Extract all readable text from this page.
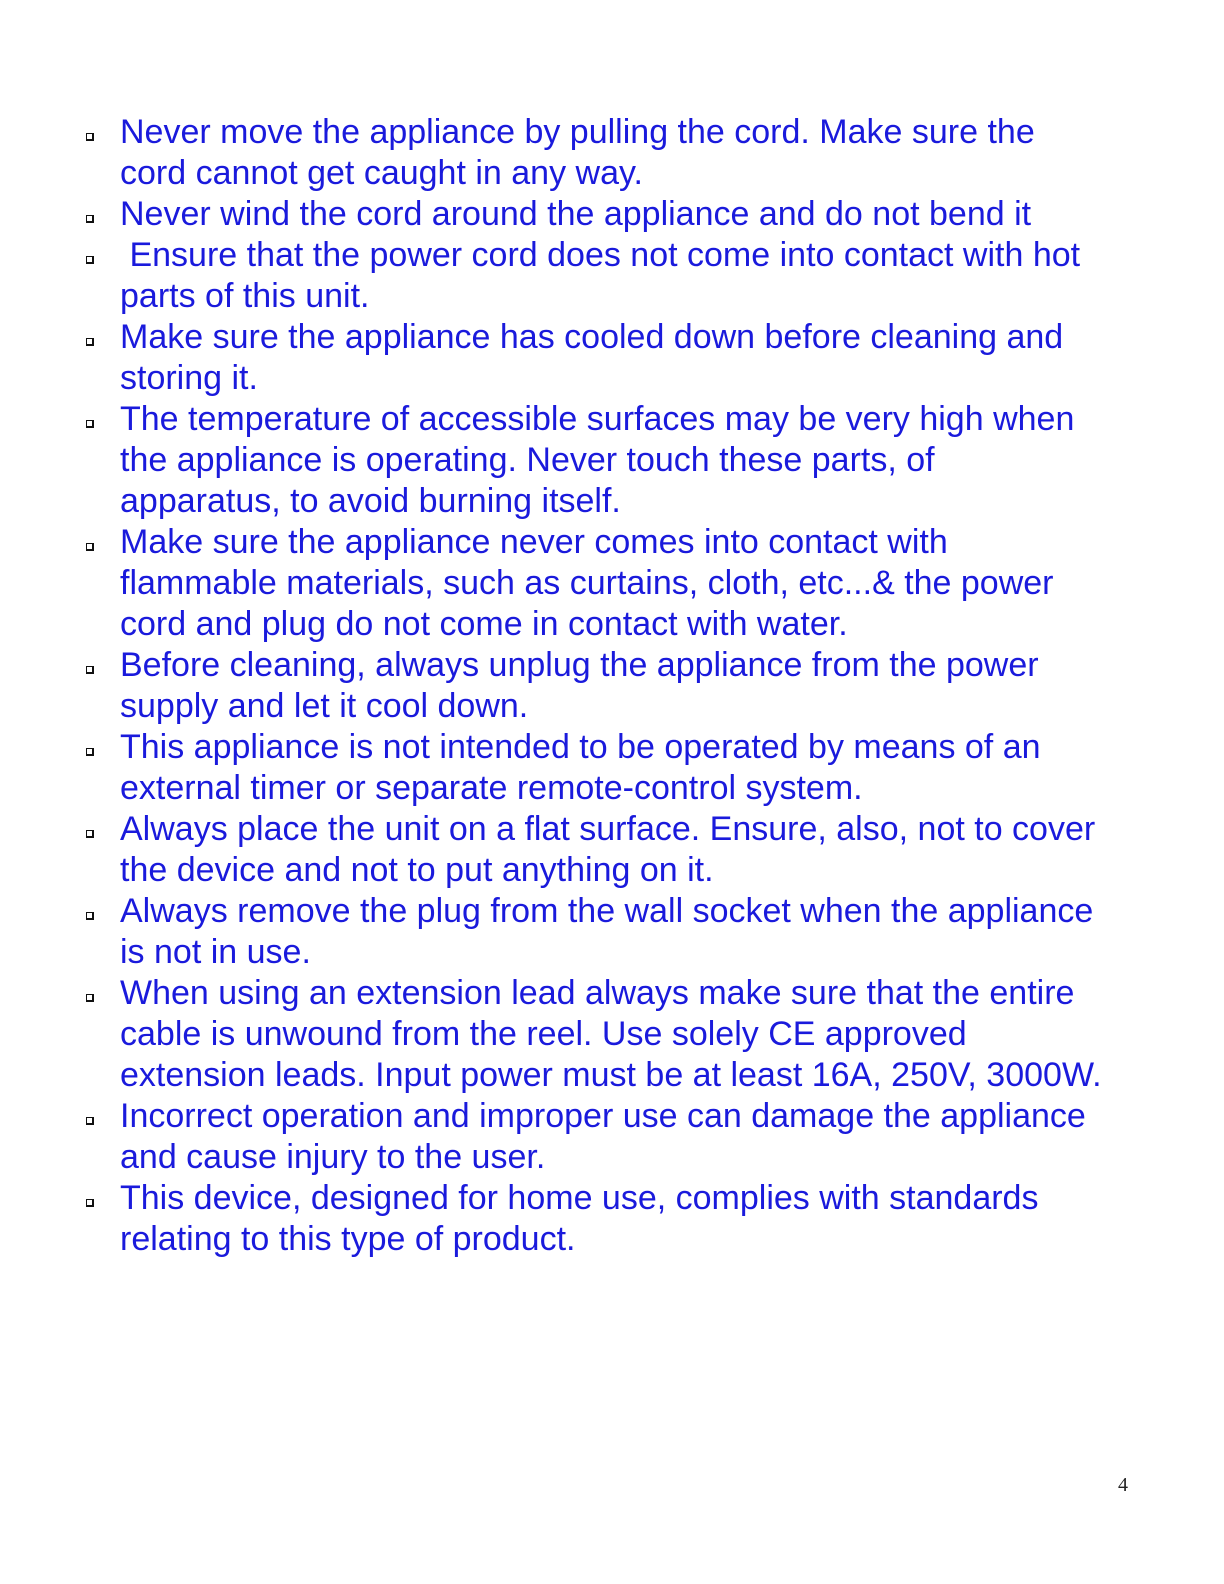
Never move the appliance by pulling the cord. Make sure the cord cannot get caught in any way.
Never wind the cord around the appliance and do not bend it
Ensure that the power cord does not come into contact with hot parts of this unit.
Make sure the appliance has cooled down before cleaning and storing it.
The temperature of accessible surfaces may be very high when the appliance is operating. Never touch these parts, of apparatus, to avoid burning itself.
Make sure the appliance never comes into contact with flammable materials, such as curtains, cloth, etc...& the power cord and plug do not come in contact with water.
Before cleaning, always unplug the appliance from the power supply and let it cool down.
This appliance is not intended to be operated by means of an external timer or separate remote-control system.
Always place the unit on a flat surface. Ensure, also, not to cover the device and not to put anything on it.
Always remove the plug from the wall socket when the appliance is not in use.
When using an extension lead always make sure that the entire cable is unwound from the reel. Use solely CE approved extension leads. Input power must be at least 16A, 250V, 3000W.
Incorrect operation and improper use can damage the appliance and cause injury to the user.
This device, designed for home use, complies with standards relating to this type of product.
4
